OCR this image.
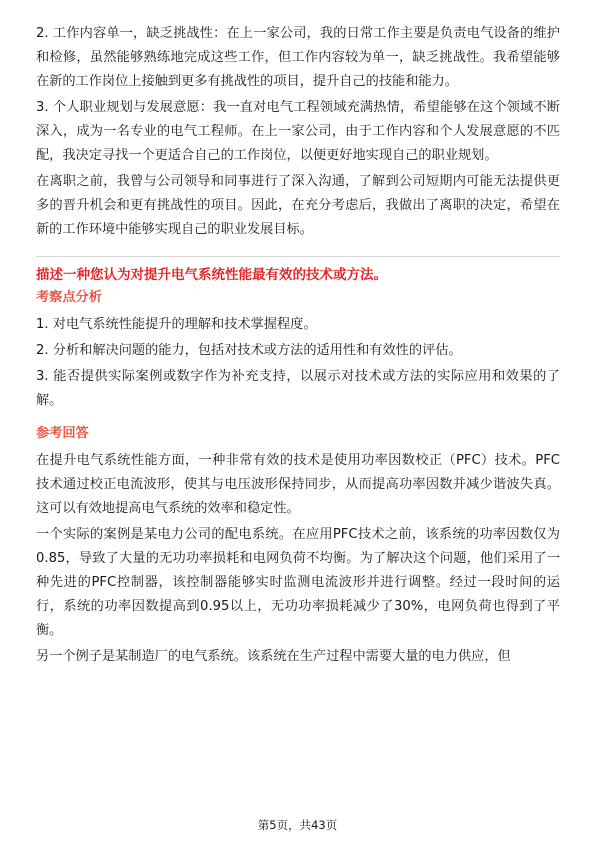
2. 工作内容单一，缺乏挑战性：在上一家公司，我的日常工作主要是负责电气设备的维护和检修，虽然能够熟练地完成这些工作，但工作内容较为单一，缺乏挑战性。我希望能够在新的工作岗位上接触到更多有挑战性的项目，提升自己的技能和能力。

3. 个人职业规划与发展意愿：我一直对电气工程领域充满热情，希望能够在这个领域不断深入，成为一名专业的电气工程师。在上一家公司，由于工作内容和个人发展意愿的不匹配，我决定寻找一个更适合自己的工作岗位，以便更好地实现自己的职业规划。

在离职之前，我曾与公司领导和同事进行了深入沟通，了解到公司短期内可能无法提供更多的晋升机会和更有挑战性的项目。因此，在充分考虑后，我做出了离职的决定，希望在新的工作环境中能够实现自己的职业发展目标。

描述一种您认为对提升电气系统性能最有效的技术或方法。

考察点分析

1. 对电气系统性能提升的理解和技术掌握程度。

2. 分析和解决问题的能力，包括对技术或方法的适用性和有效性的评估。

3. 能否提供实际案例或数字作为补充支持，以展示对技术或方法的实际应用和效果的了解。

参考回答

在提升电气系统性能方面，一种非常有效的技术是使用功率因数校正（PFC）技术。PFC技术通过校正电流波形，使其与电压波形保持同步，从而提高功率因数并减少谐波失真。这可以有效地提高电气系统的效率和稳定性。

一个实际的案例是某电力公司的配电系统。在应用PFC技术之前，该系统的功率因数仅为0.85，导致了大量的无功功率损耗和电网负荷不均衡。为了解决这个问题，他们采用了一种先进的PFC控制器，该控制器能够实时监测电流波形并进行调整。经过一段时间的运行，系统的功率因数提高到0.95以上，无功功率损耗减少了30%，电网负荷也得到了平衡。

另一个例子是某制造厂的电气系统。该系统在生产过程中需要大量的电力供应，但

第5页，共43页
